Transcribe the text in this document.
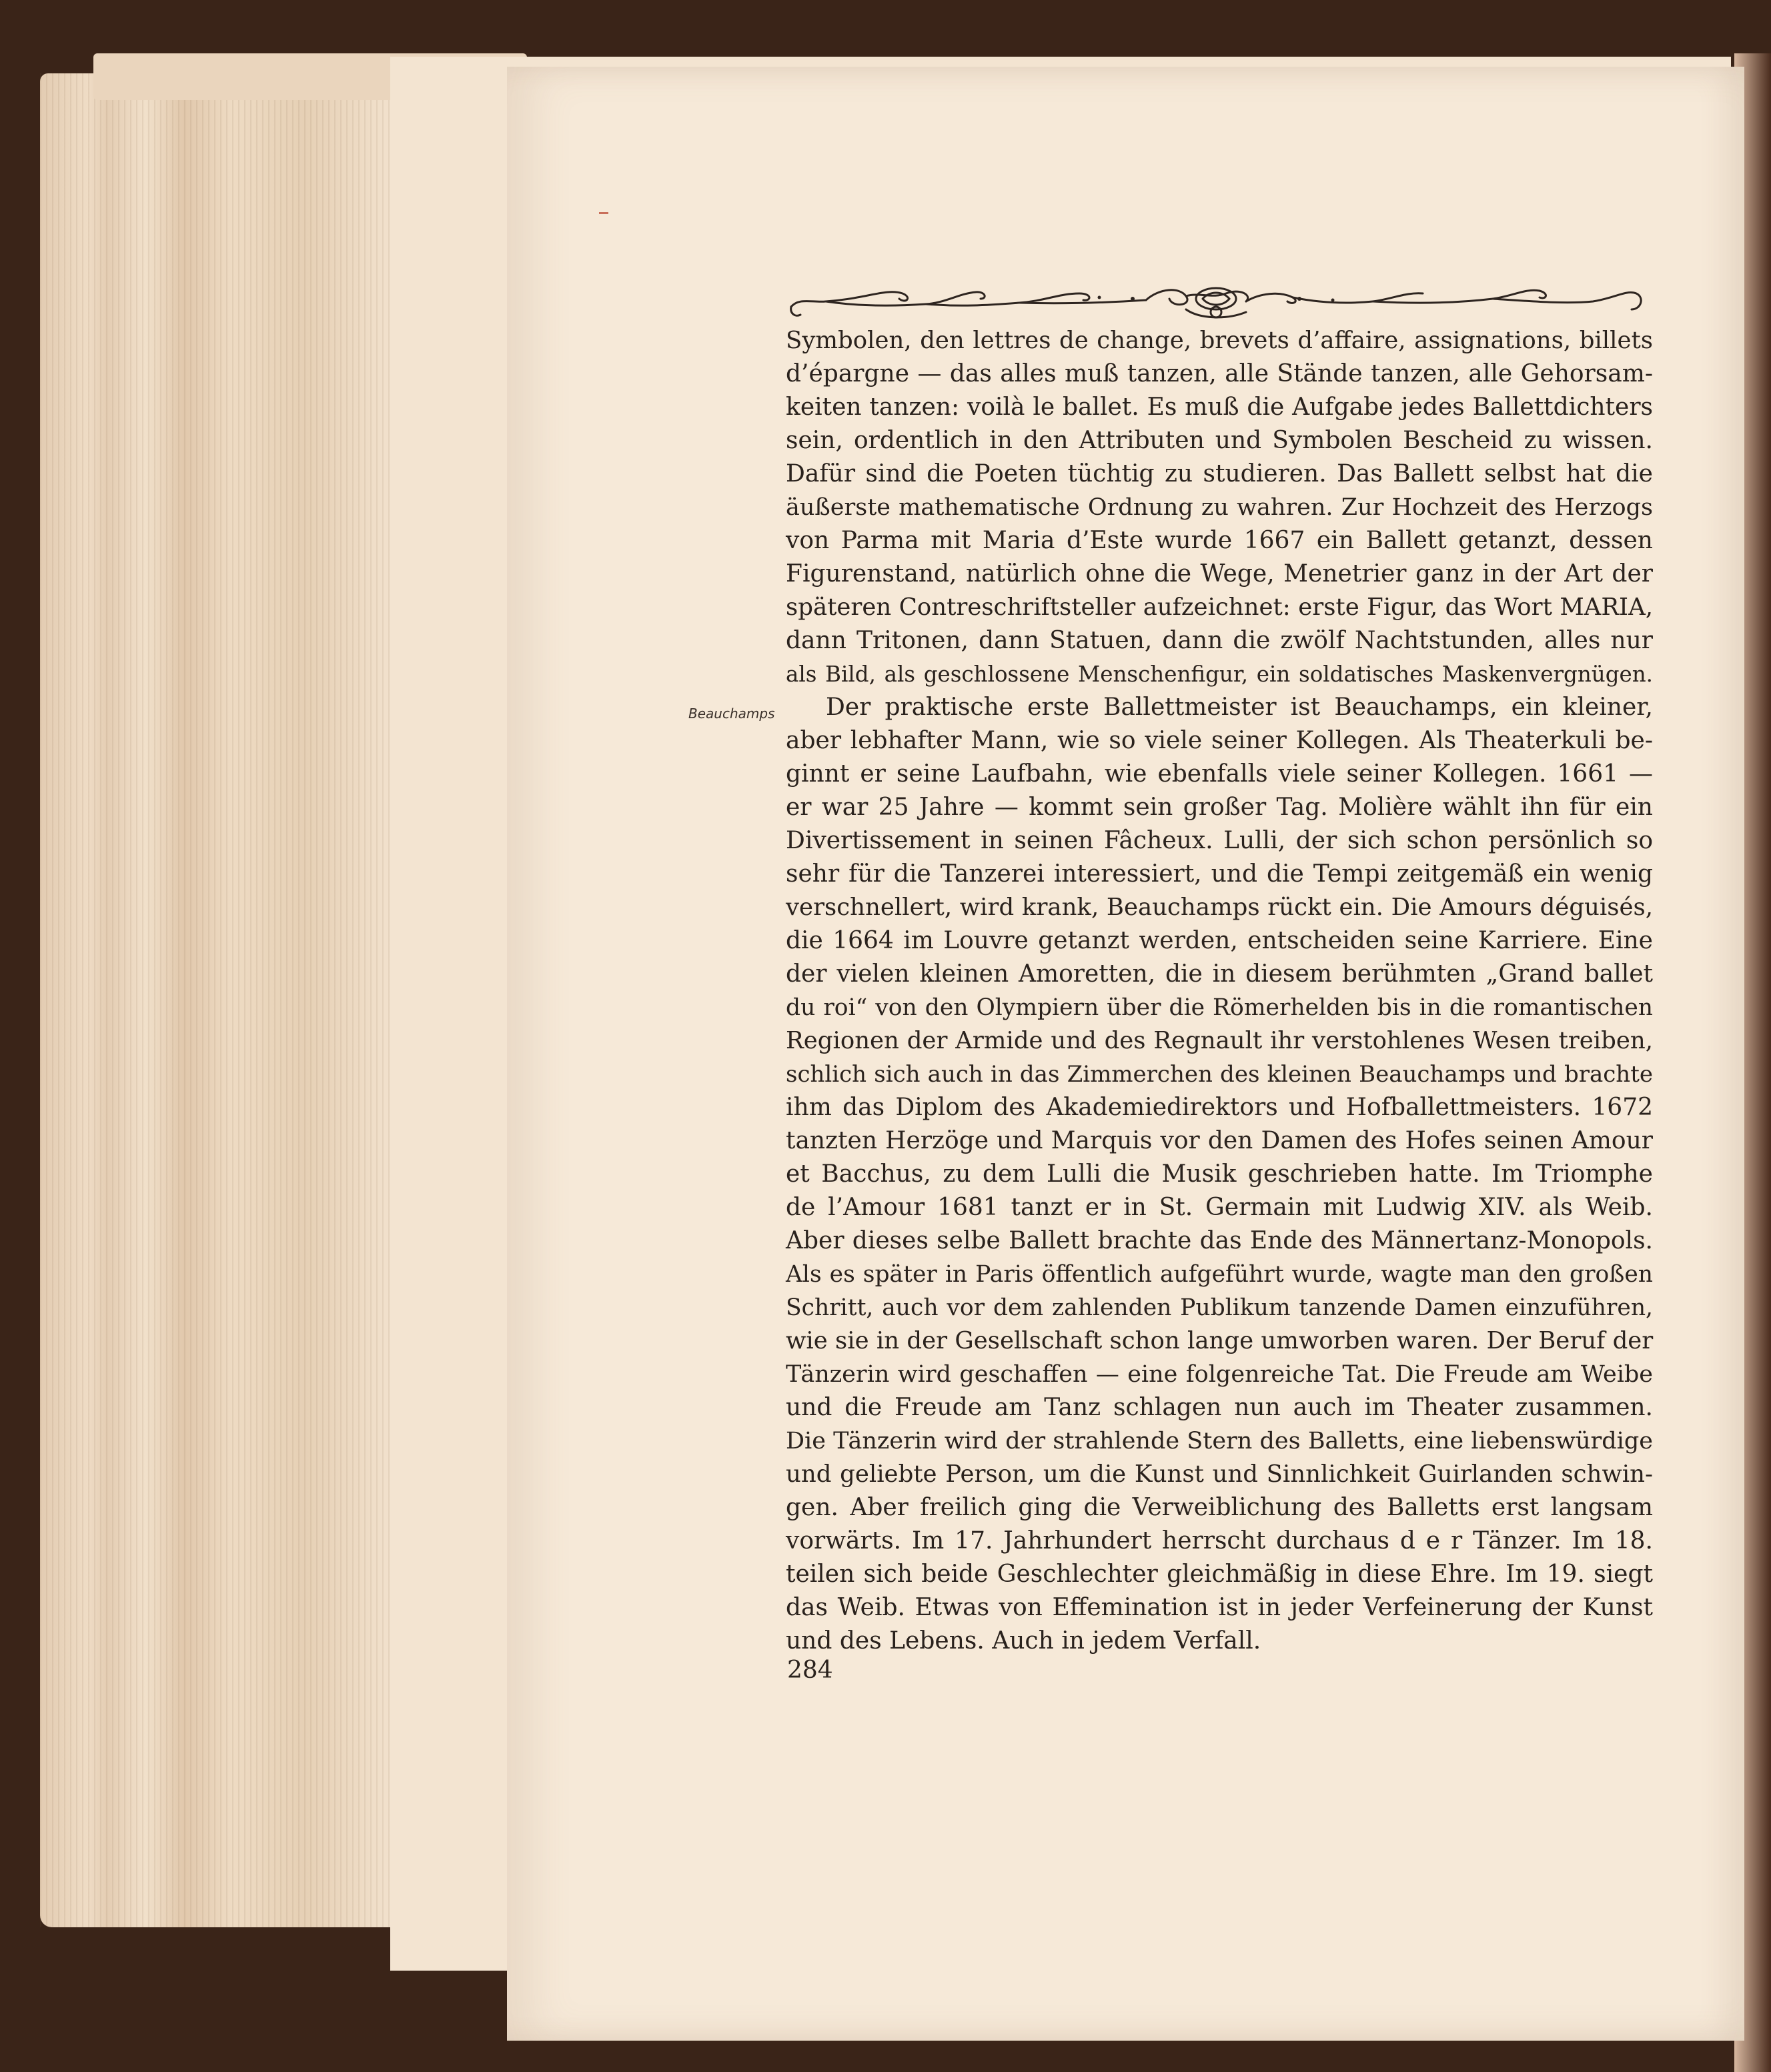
Symbolen, den lettres de change, brevets d’affaire, assignations, billets
d’épargne — das alles muß tanzen, alle Stände tanzen, alle Gehorsam-
keiten tanzen: voilà le ballet. Es muß die Aufgabe jedes Ballettdichters
sein, ordentlich in den Attributen und Symbolen Bescheid zu wissen.
Dafür sind die Poeten tüchtig zu studieren. Das Ballett selbst hat die
äußerste mathematische Ordnung zu wahren. Zur Hochzeit des Herzogs
von Parma mit Maria d’Este wurde 1667 ein Ballett getanzt, dessen
Figurenstand, natürlich ohne die Wege, Menetrier ganz in der Art der
späteren Contreschriftsteller aufzeichnet: erste Figur, das Wort MARIA,
dann Tritonen, dann Statuen, dann die zwölf Nachtstunden, alles nur
als Bild, als geschlossene Menschenfigur, ein soldatisches Maskenvergnügen.
Der praktische erste Ballettmeister ist Beauchamps, ein kleiner,
aber lebhafter Mann, wie so viele seiner Kollegen. Als Theaterkuli be-
ginnt er seine Laufbahn, wie ebenfalls viele seiner Kollegen. 1661 —
er war 25 Jahre — kommt sein großer Tag. Molière wählt ihn für ein
Divertissement in seinen Fâcheux. Lulli, der sich schon persönlich so
sehr für die Tanzerei interessiert, und die Tempi zeitgemäß ein wenig
verschnellert, wird krank, Beauchamps rückt ein. Die Amours déguisés,
die 1664 im Louvre getanzt werden, entscheiden seine Karriere. Eine
der vielen kleinen Amoretten, die in diesem berühmten „Grand ballet
du roi“ von den Olympiern über die Römerhelden bis in die romantischen
Regionen der Armide und des Regnault ihr verstohlenes Wesen treiben,
schlich sich auch in das Zimmerchen des kleinen Beauchamps und brachte
ihm das Diplom des Akademiedirektors und Hofballettmeisters. 1672
tanzten Herzöge und Marquis vor den Damen des Hofes seinen Amour
et Bacchus, zu dem Lulli die Musik geschrieben hatte. Im Triomphe
de l’Amour 1681 tanzt er in St. Germain mit Ludwig XIV. als Weib.
Aber dieses selbe Ballett brachte das Ende des Männertanz-Monopols.
Als es später in Paris öffentlich aufgeführt wurde, wagte man den großen
Schritt, auch vor dem zahlenden Publikum tanzende Damen einzuführen,
wie sie in der Gesellschaft schon lange umworben waren. Der Beruf der
Tänzerin wird geschaffen — eine folgenreiche Tat. Die Freude am Weibe
und die Freude am Tanz schlagen nun auch im Theater zusammen.
Die Tänzerin wird der strahlende Stern des Balletts, eine liebenswürdige
und geliebte Person, um die Kunst und Sinnlichkeit Guirlanden schwin-
gen. Aber freilich ging die Verweiblichung des Balletts erst langsam
vorwärts. Im 17. Jahrhundert herrscht durchaus d e r Tänzer. Im 18.
teilen sich beide Geschlechter gleichmäßig in diese Ehre. Im 19. siegt
das Weib. Etwas von Effemination ist in jeder Verfeinerung der Kunst
und des Lebens. Auch in jedem Verfall.
Beauchamps
284
